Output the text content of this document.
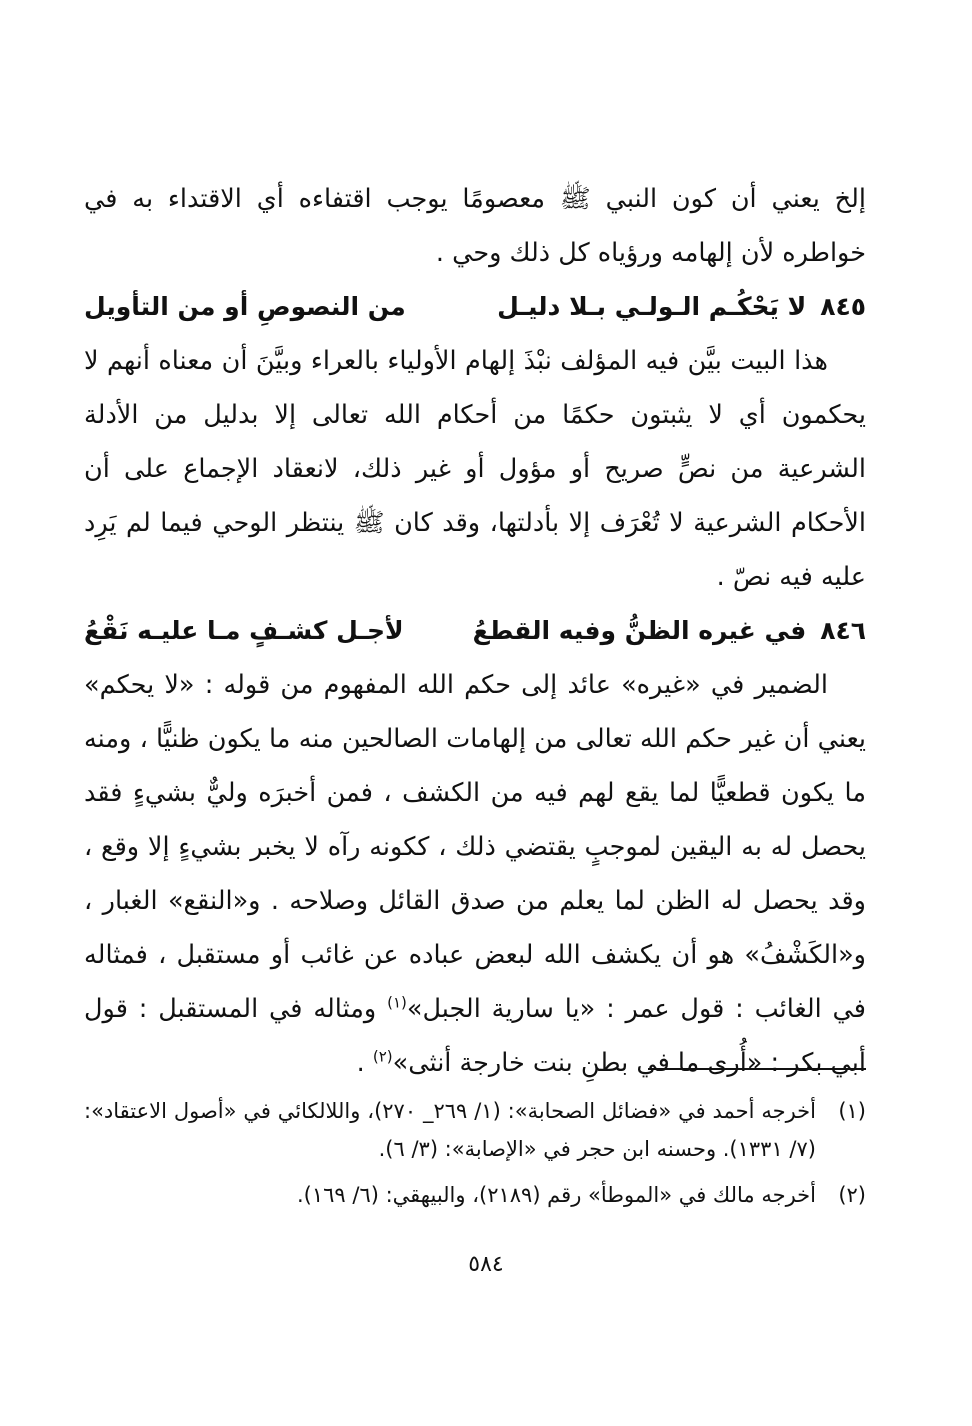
إلخ يعني أن كون النبي ﷺ معصومًا يوجب اقتفاءه أي الاقتداء به في خواطره لأن إلهامه ورؤياه كل ذلك وحي .

٨٤٥
لا يَحْكُـم الـولـي بـلا دليـل
من النصوصِ أو من التأويل

هذا البيت بيَّن فيه المؤلف نبْذَ إلهام الأولياء بالعراء وبيَّنَ أن معناه أنهم لا يحكمون أي لا يثبتون حكمًا من أحكام الله تعالى إلا بدليل من الأدلة الشرعية من نصٍّ صريح أو مؤول أو غير ذلك، لانعقاد الإجماع على أن الأحكام الشرعية لا تُعْرَف إلا بأدلتها، وقد كان ﷺ ينتظر الوحي فيما لم يَرِد عليه فيه نصّ .

٨٤٦
في غيره الظنُّ وفيه القطعُ
لأجـل كشـفٍ مـا عليـه نَقْعُ

الضمير في «غيره» عائد إلى حكم الله المفهوم من قوله : «لا يحكم» يعني أن غير حكم الله تعالى من إلهامات الصالحين منه ما يكون ظنيًّا ، ومنه ما يكون قطعيًّا لما يقع لهم فيه من الكشف ، فمن أخبرَه وليٌّ بشيءٍ فقد يحصل له به اليقين لموجبٍ يقتضي ذلك ، ككونه رآه لا يخبر بشيءٍ إلا وقع ، وقد يحصل له الظن لما يعلم من صدق القائل وصلاحه . و«النقع» الغبار ، و«الكَشْفُ» هو أن يكشف الله لبعض عباده عن غائب أو مستقبل ، فمثاله في الغائب : قول عمر : «يا سارية الجبل»$^{(١)}$ ومثاله في المستقبل : قول أبي بكر : «أُرى ما في بطنِ بنت خارجة أنثى»$^{(٢)}$ .

(١)
أخرجه أحمد في «فضائل الصحابة»: (١/ ٢٦٩_ ٢٧٠)، واللالكائي في «أصول الاعتقاد»: (٧/ ١٣٣١). وحسنه ابن حجر في «الإصابة»: (٣/ ٦).

(٢)
أخرجه مالك في «الموطأ» رقم (٢١٨٩)، والبيهقي: (٦/ ١٦٩).

٥٨٤
